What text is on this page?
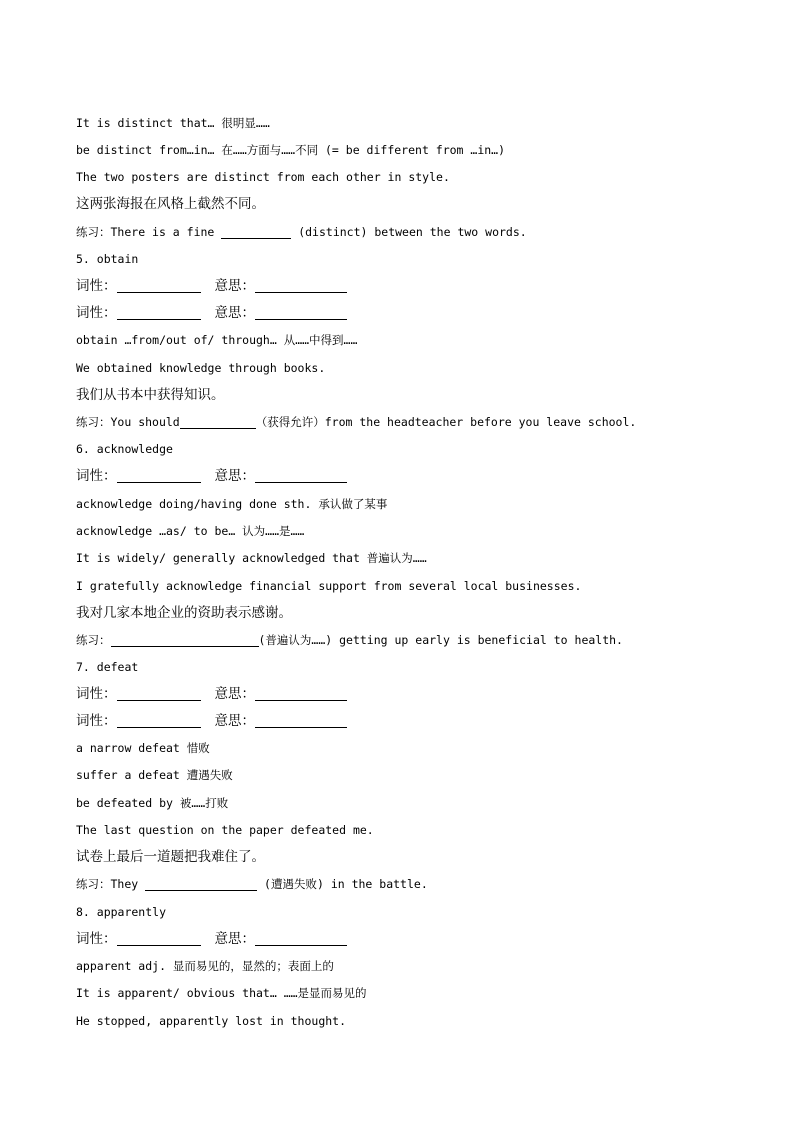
It is distinct that… 很明显……
be distinct from…in… 在……方面与……不同 (= be different from …in…)
The two posters are distinct from each other in style.
这两张海报在风格上截然不同。
练习：There is a fine	(distinct) between the two words.
5. obtain
词性：	意思：
词性：	意思：
obtain …from/out of/ through… 从……中得到……
We obtained knowledge through books.
我们从书本中获得知识。
练习：You should	（获得允许）from the headteacher before you leave school.
6. acknowledge
词性：	意思：
acknowledge doing/having done sth. 承认做了某事
acknowledge …as/ to be… 认为……是……
It is widely/ generally acknowledged that 普遍认为……
I gratefully acknowledge financial support from several local businesses.
我对几家本地企业的资助表示感谢。
练习：	(普遍认为……) getting up early is beneficial to health.
7. defeat
词性：	意思：
词性：	意思：
a narrow defeat 惜败
suffer a defeat 遭遇失败
be defeated by 被……打败
The last question on the paper defeated me.
试卷上最后一道题把我难住了。
练习：They	(遭遇失败) in the battle.
8. apparently
词性：	意思：
apparent adj. 显而易见的，显然的；表面上的
It is apparent/ obvious that… ……是显而易见的
He stopped, apparently lost in thought.
